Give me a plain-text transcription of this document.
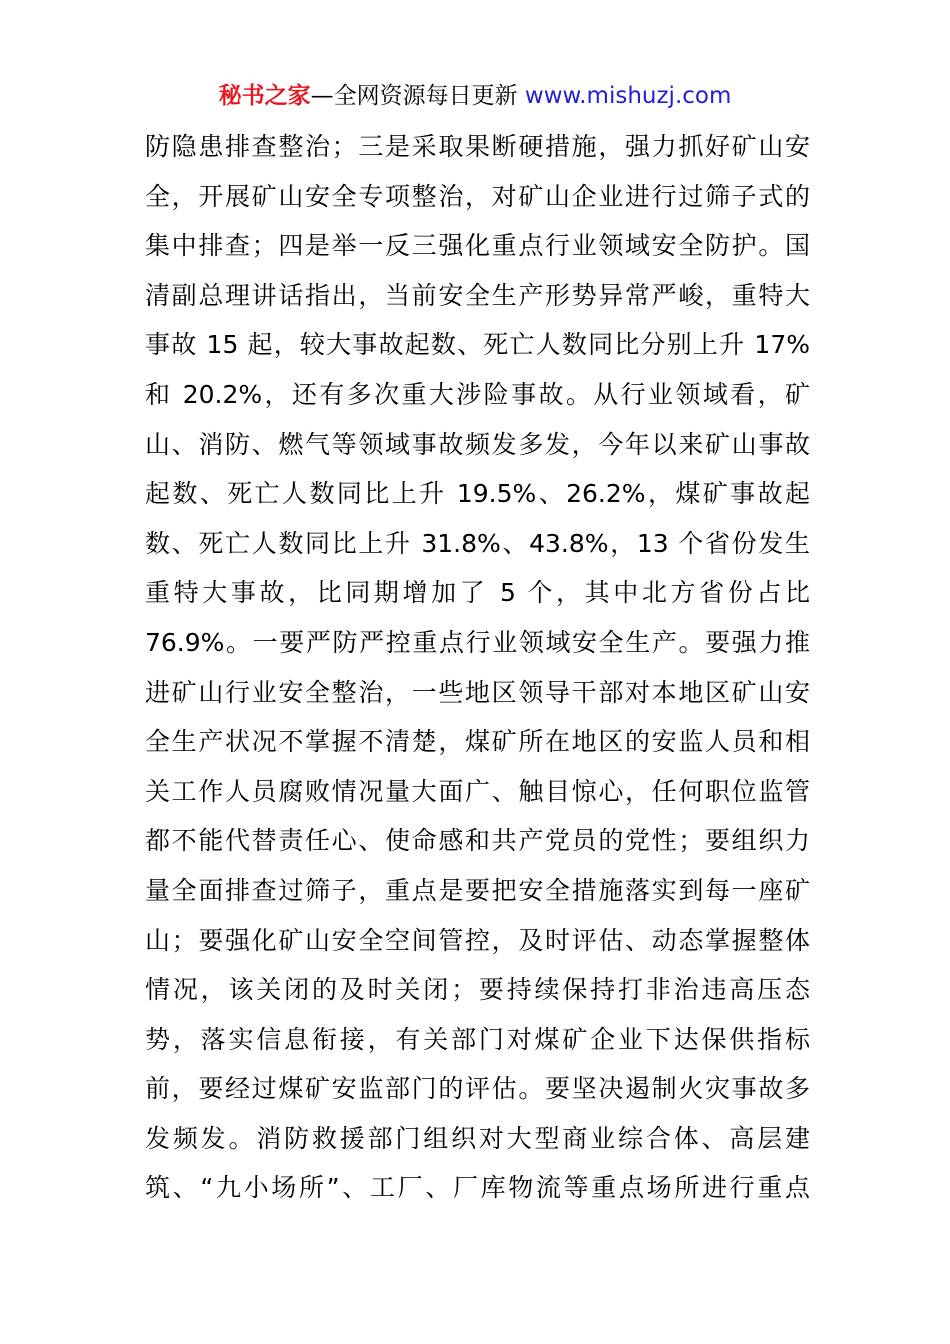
秘书之家—全网资源每日更新 www.mishuzj.com
防隐患排查整治；三是采取果断硬措施，强力抓好矿山安
全，开展矿山安全专项整治，对矿山企业进行过筛子式的
集中排查；四是举一反三强化重点行业领域安全防护。国
清副总理讲话指出，当前安全生产形势异常严峻，重特大
事故 15 起，较大事故起数、死亡人数同比分别上升 17%
和 20.2%，还有多次重大涉险事故。从行业领域看，矿
山、消防、燃气等领域事故频发多发，今年以来矿山事故
起数、死亡人数同比上升 19.5%、26.2%，煤矿事故起
数、死亡人数同比上升 31.8%、43.8%，13 个省份发生
重特大事故，比同期增加了 5 个，其中北方省份占比
76.9%。一要严防严控重点行业领域安全生产。要强力推
进矿山行业安全整治，一些地区领导干部对本地区矿山安
全生产状况不掌握不清楚，煤矿所在地区的安监人员和相
关工作人员腐败情况量大面广、触目惊心，任何职位监管
都不能代替责任心、使命感和共产党员的党性；要组织力
量全面排查过筛子，重点是要把安全措施落实到每一座矿
山；要强化矿山安全空间管控，及时评估、动态掌握整体
情况，该关闭的及时关闭；要持续保持打非治违高压态
势，落实信息衔接，有关部门对煤矿企业下达保供指标
前，要经过煤矿安监部门的评估。要坚决遏制火灾事故多
发频发。消防救援部门组织对大型商业综合体、高层建
筑、“九小场所”、工厂、厂库物流等重点场所进行重点
